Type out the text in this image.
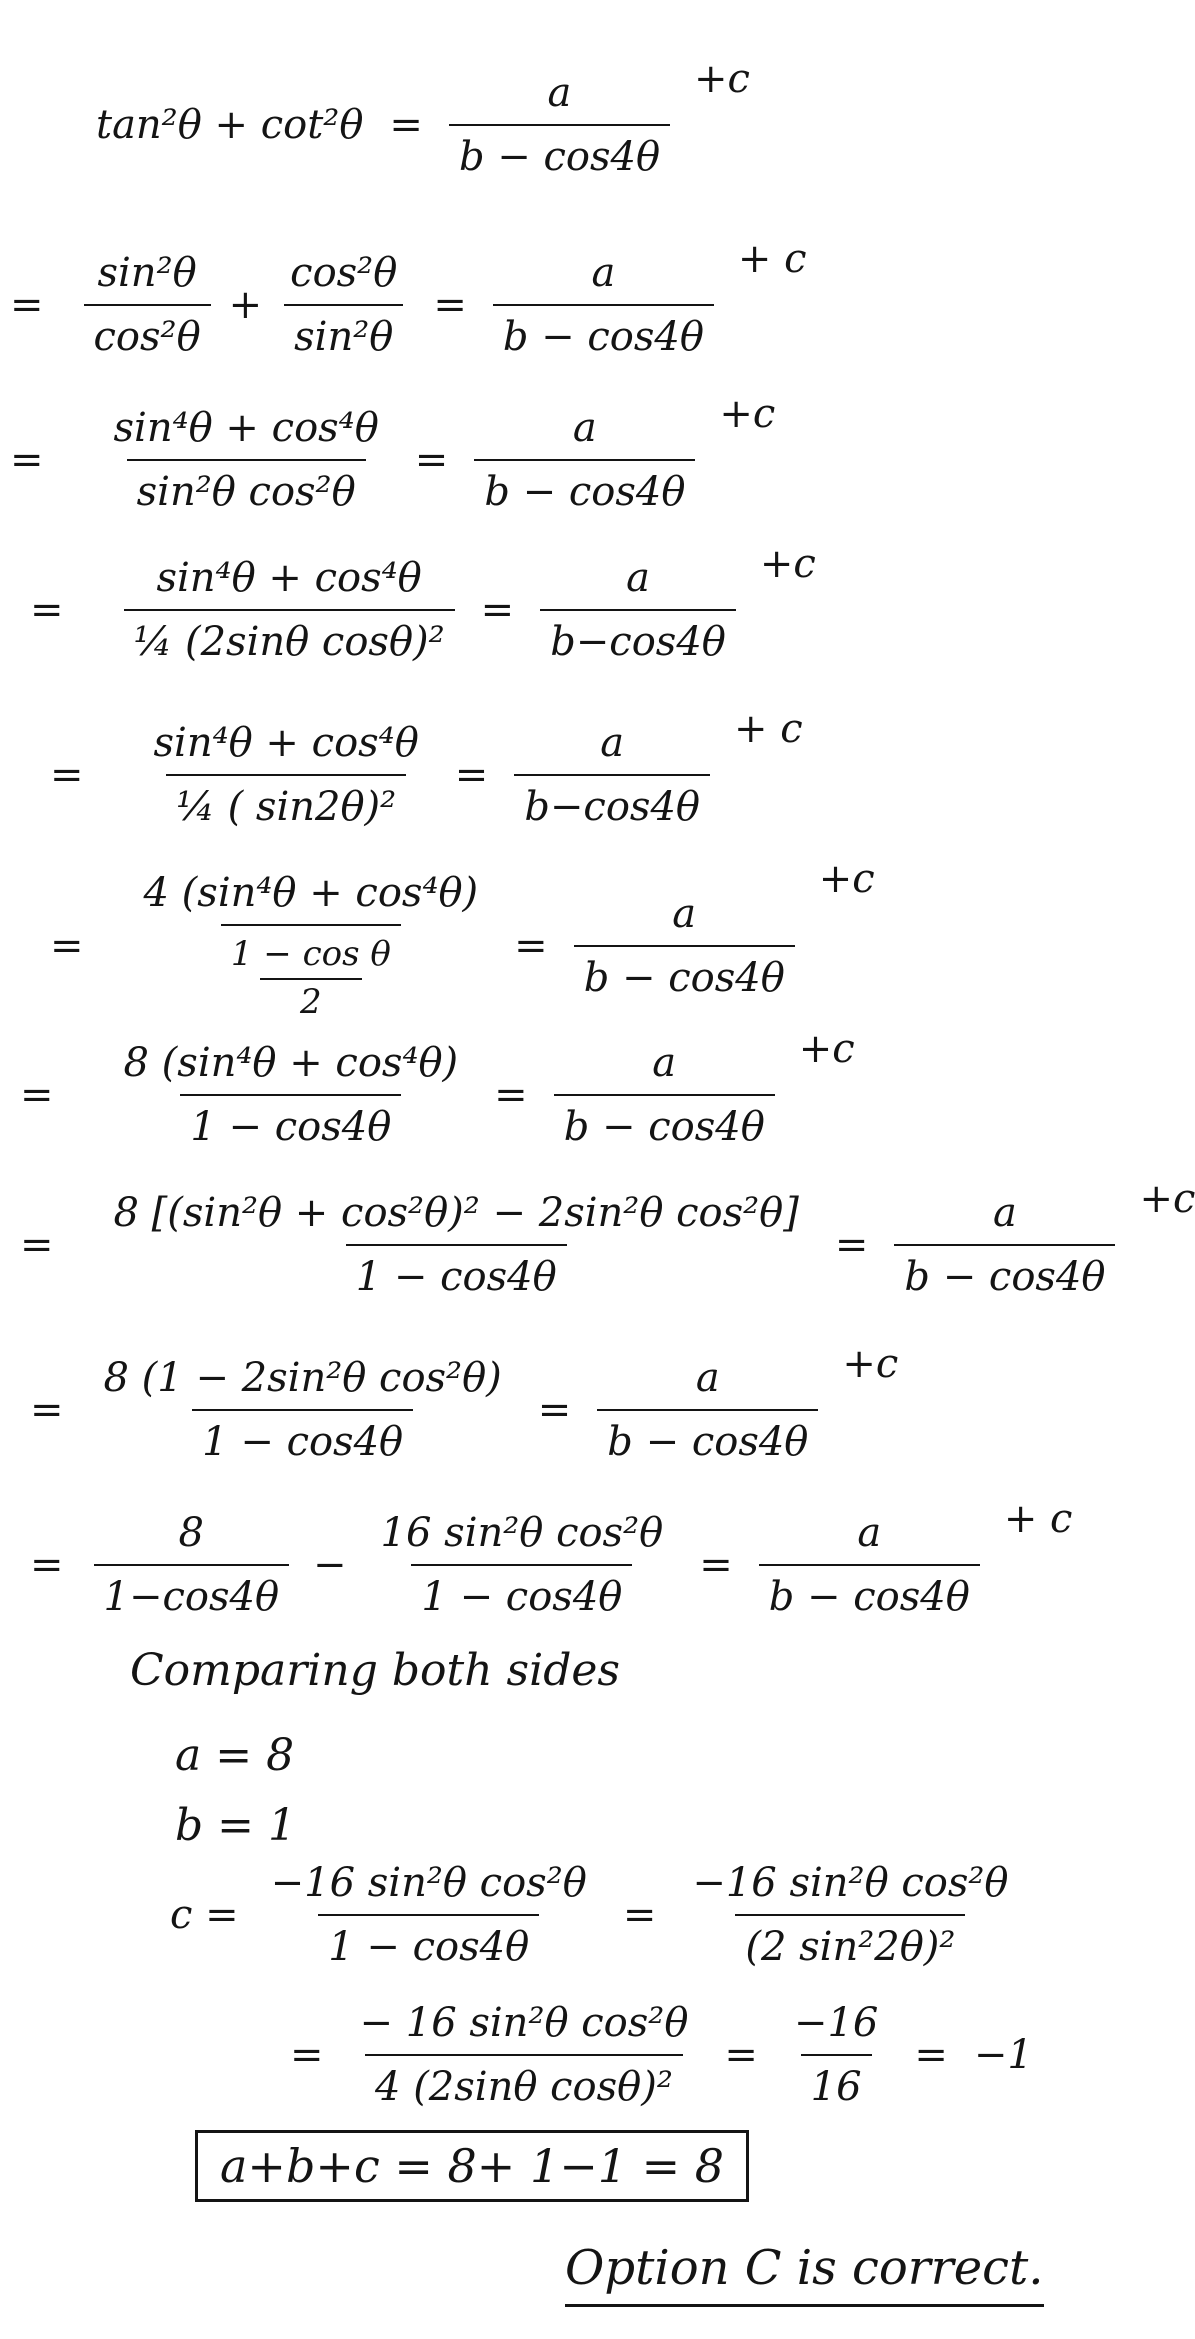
$\tan^2\theta + \cot^2\theta = \frac{a}{b - \cos 4\theta} +c$
= $\frac{\text{sin²θ}}{\text{cos²θ}} + \frac{\text{cos²θ}}{\text{sin²θ}} = \frac{a}{b - \cos 4\theta} + c$
= $\frac{\text{sin⁴θ + cos⁴θ}}{\text{sin²θ cos²θ}} = \frac{a}{b - \cos 4\theta} +c$
= $\frac{\text{sin⁴θ + cos⁴θ}}{\text{¼ (2sinθ cosθ)²}} = \frac{a}{b-\cos 4\theta} +c$
= $\frac{\text{sin⁴θ + cos⁴θ}}{\text{¼ ( sin2θ)²}} = \frac{a}{b-\cos 4\theta} + c$
= $\frac{\text{4 (sin⁴θ + cos⁴θ)}}{\frac{\text{1 − cos θ}}{2}} = \frac{a}{b - \cos 4\theta}$
+c
= $\frac{\text{8 (sin⁴θ + cos⁴θ)}}{1 - \cos 4\theta} = \frac{a}{b - \cos 4\theta} +c$
= $\frac{\text{8 [(sin²θ + cos²θ)² − 2sin²θ cos²θ]}}{1 - \cos 4\theta} = \frac{a}{b - \cos 4\theta} +c$
= $\frac{\text{8 (1 − 2sin²θ cos²θ)}}{1 - \cos 4\theta} = \frac{a}{b - \cos 4\theta} +c$
= $\frac{8}{1-\cos 4\theta} - \frac{\text{16 sin²θ cos²θ}}{1 - \cos 4\theta} = \frac{a}{b - \cos 4\theta} + c$
Comparing both sides
a = 8
b = 1
$c = \frac{\text{−16 sin²θ cos²θ}}{1 - \cos 4\theta} = \frac{\text{−16 sin²θ cos²θ}}{\text{(2 sin²2θ)²}}$
= $\frac{\text{− 16 sin²θ cos²θ}}{\text{4 (2sinθ cosθ)²}} = \frac{-16}{16} = -1$
a+b+c = 8+ 1−1 = 8
Option C is correct.
